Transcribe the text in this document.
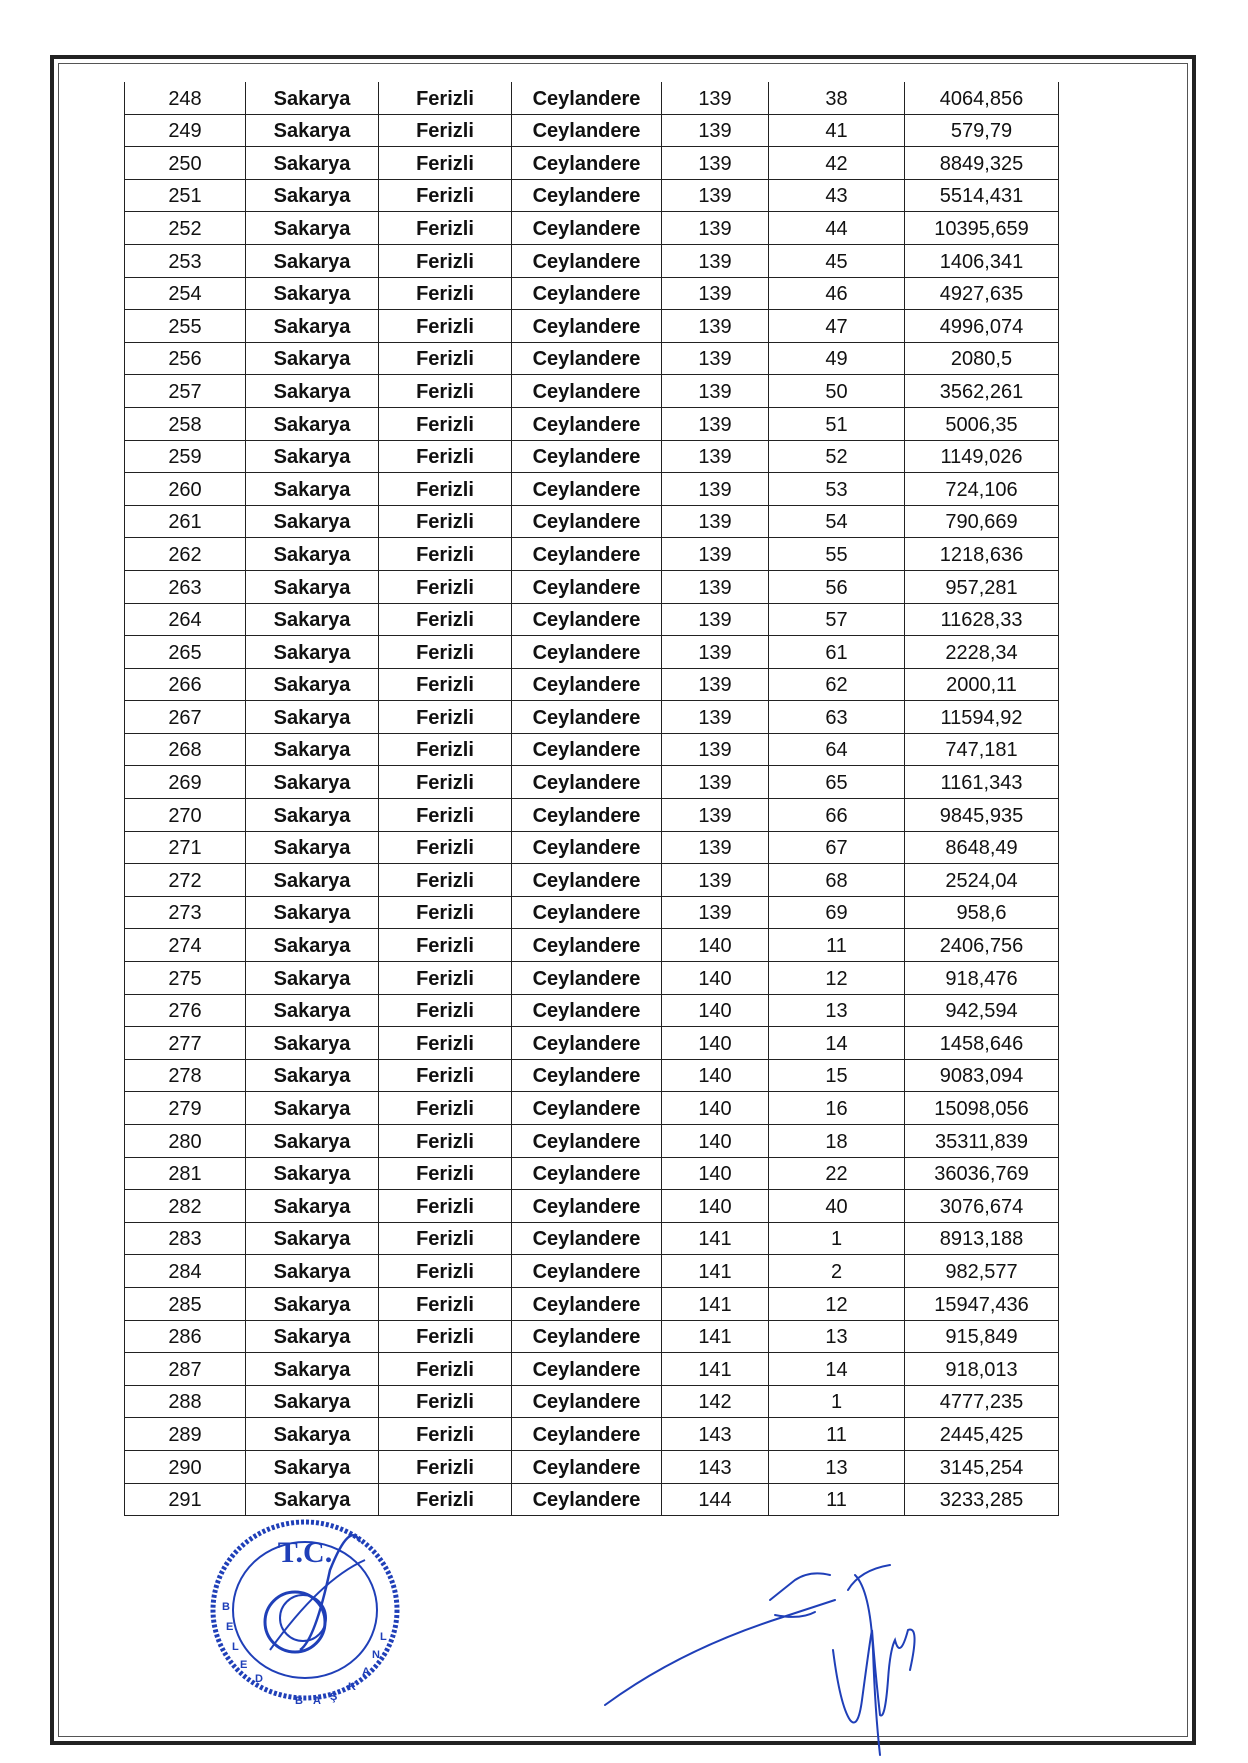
248	Sakarya	Ferizli	Ceylandere	139	38	4064,856
249	Sakarya	Ferizli	Ceylandere	139	41	579,79
250	Sakarya	Ferizli	Ceylandere	139	42	8849,325
251	Sakarya	Ferizli	Ceylandere	139	43	5514,431
252	Sakarya	Ferizli	Ceylandere	139	44	10395,659
253	Sakarya	Ferizli	Ceylandere	139	45	1406,341
254	Sakarya	Ferizli	Ceylandere	139	46	4927,635
255	Sakarya	Ferizli	Ceylandere	139	47	4996,074
256	Sakarya	Ferizli	Ceylandere	139	49	2080,5
257	Sakarya	Ferizli	Ceylandere	139	50	3562,261
258	Sakarya	Ferizli	Ceylandere	139	51	5006,35
259	Sakarya	Ferizli	Ceylandere	139	52	1149,026
260	Sakarya	Ferizli	Ceylandere	139	53	724,106
261	Sakarya	Ferizli	Ceylandere	139	54	790,669
262	Sakarya	Ferizli	Ceylandere	139	55	1218,636
263	Sakarya	Ferizli	Ceylandere	139	56	957,281
264	Sakarya	Ferizli	Ceylandere	139	57	11628,33
265	Sakarya	Ferizli	Ceylandere	139	61	2228,34
266	Sakarya	Ferizli	Ceylandere	139	62	2000,11
267	Sakarya	Ferizli	Ceylandere	139	63	11594,92
268	Sakarya	Ferizli	Ceylandere	139	64	747,181
269	Sakarya	Ferizli	Ceylandere	139	65	1161,343
270	Sakarya	Ferizli	Ceylandere	139	66	9845,935
271	Sakarya	Ferizli	Ceylandere	139	67	8648,49
272	Sakarya	Ferizli	Ceylandere	139	68	2524,04
273	Sakarya	Ferizli	Ceylandere	139	69	958,6
274	Sakarya	Ferizli	Ceylandere	140	11	2406,756
275	Sakarya	Ferizli	Ceylandere	140	12	918,476
276	Sakarya	Ferizli	Ceylandere	140	13	942,594
277	Sakarya	Ferizli	Ceylandere	140	14	1458,646
278	Sakarya	Ferizli	Ceylandere	140	15	9083,094
279	Sakarya	Ferizli	Ceylandere	140	16	15098,056
280	Sakarya	Ferizli	Ceylandere	140	18	35311,839
281	Sakarya	Ferizli	Ceylandere	140	22	36036,769
282	Sakarya	Ferizli	Ceylandere	140	40	3076,674
283	Sakarya	Ferizli	Ceylandere	141	1	8913,188
284	Sakarya	Ferizli	Ceylandere	141	2	982,577
285	Sakarya	Ferizli	Ceylandere	141	12	15947,436
286	Sakarya	Ferizli	Ceylandere	141	13	915,849
287	Sakarya	Ferizli	Ceylandere	141	14	918,013
288	Sakarya	Ferizli	Ceylandere	142	1	4777,235
289	Sakarya	Ferizli	Ceylandere	143	11	2445,425
290	Sakarya	Ferizli	Ceylandere	143	13	3145,254
291	Sakarya	Ferizli	Ceylandere	144	11	3233,285
T.C.
B
E
L
E
D
B A Ş
K
A
N
L
